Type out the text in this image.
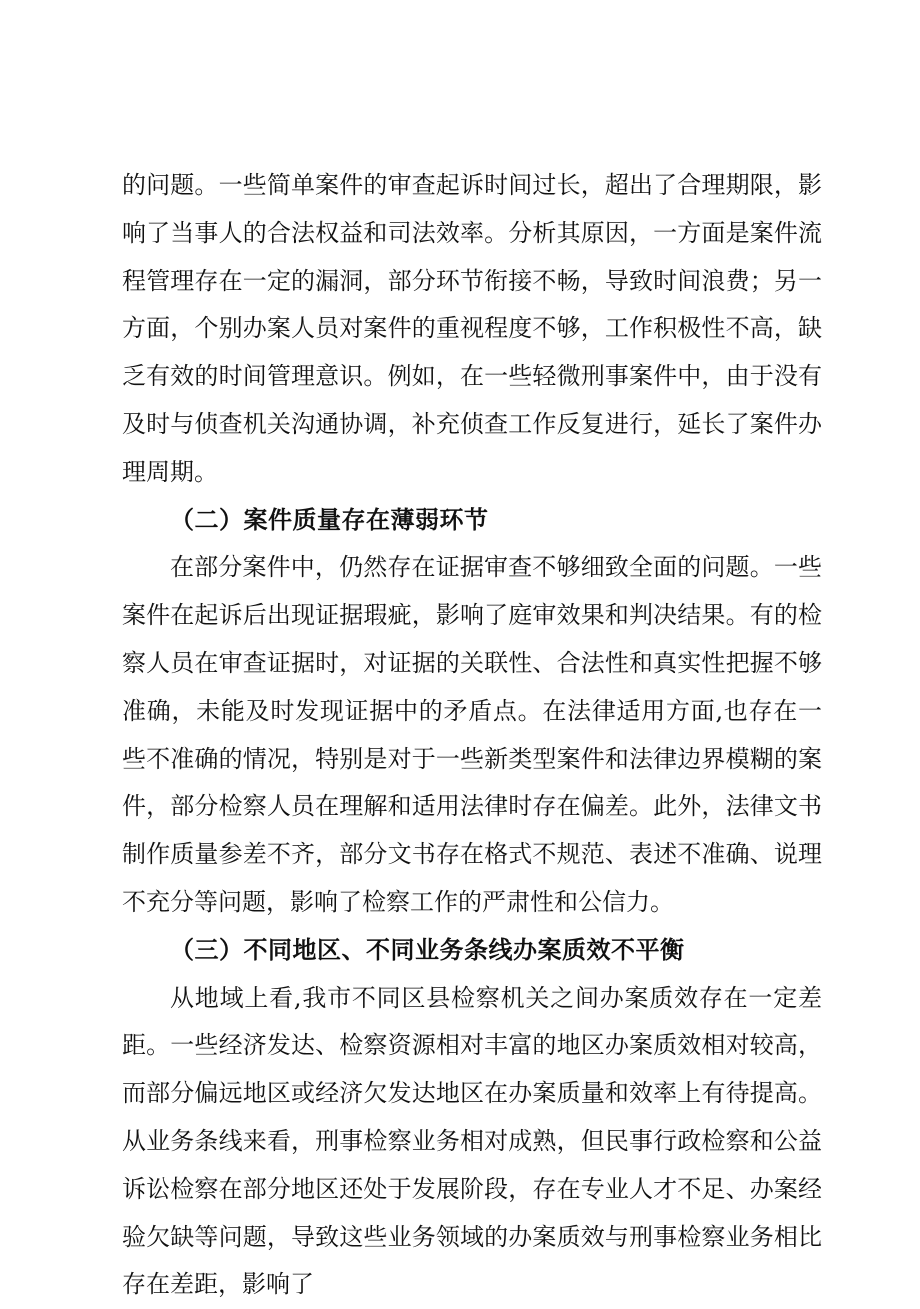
的问题。一些简单案件的审查起诉时间过长，超出了合理期限，影响了当事人的合法权益和司法效率。分析其原因，一方面是案件流程管理存在一定的漏洞，部分环节衔接不畅，导致时间浪费；另一方面，个别办案人员对案件的重视程度不够，工作积极性不高，缺乏有效的时间管理意识。例如，在一些轻微刑事案件中，由于没有及时与侦查机关沟通协调，补充侦查工作反复进行，延长了案件办理周期。

（二）案件质量存在薄弱环节

在部分案件中，仍然存在证据审查不够细致全面的问题。一些案件在起诉后出现证据瑕疵，影响了庭审效果和判决结果。有的检察人员在审查证据时，对证据的关联性、合法性和真实性把握不够准确，未能及时发现证据中的矛盾点。在法律适用方面,也存在一些不准确的情况，特别是对于一些新类型案件和法律边界模糊的案件，部分检察人员在理解和适用法律时存在偏差。此外，法律文书制作质量参差不齐，部分文书存在格式不规范、表述不准确、说理不充分等问题，影响了检察工作的严肃性和公信力。

（三）不同地区、不同业务条线办案质效不平衡

从地域上看,我市不同区县检察机关之间办案质效存在一定差距。一些经济发达、检察资源相对丰富的地区办案质效相对较高，而部分偏远地区或经济欠发达地区在办案质量和效率上有待提高。从业务条线来看，刑事检察业务相对成熟，但民事行政检察和公益诉讼检察在部分地区还处于发展阶段，存在专业人才不足、办案经验欠缺等问题，导致这些业务领域的办案质效与刑事检察业务相比存在差距，影响了
